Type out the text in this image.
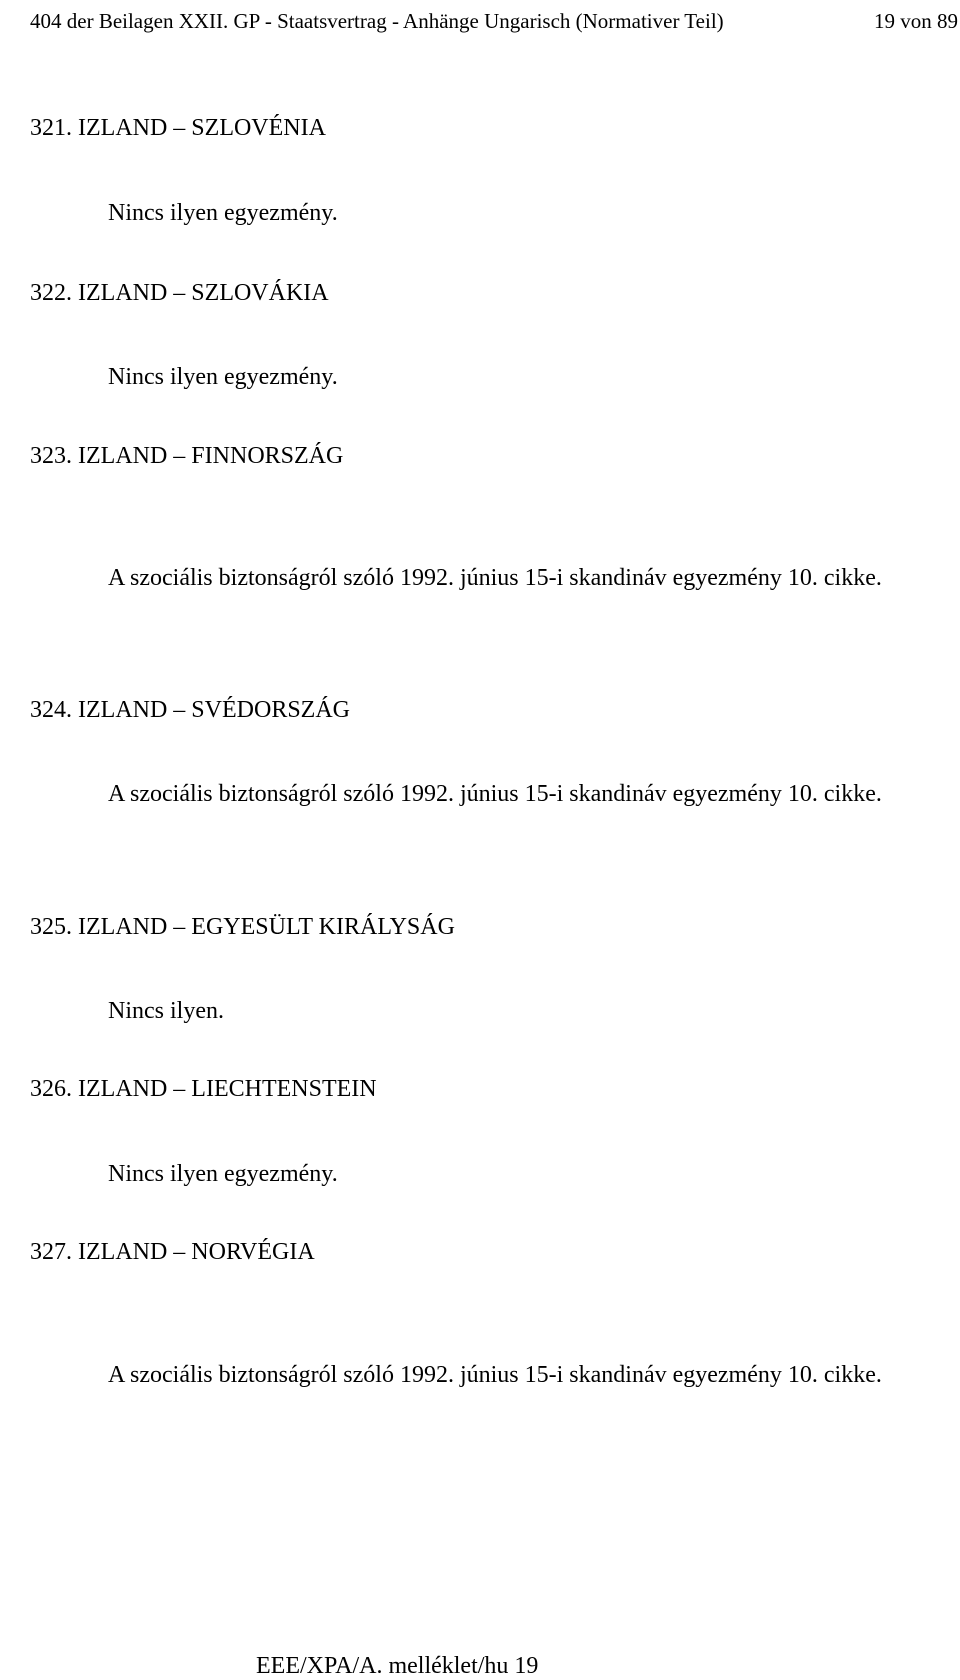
404 der Beilagen XXII. GP - Staatsvertrag - Anhänge Ungarisch (Normativer Teil)	19 von 89
321. IZLAND – SZLOVÉNIA
Nincs ilyen egyezmény.
322. IZLAND – SZLOVÁKIA
Nincs ilyen egyezmény.
323. IZLAND – FINNORSZÁG
A szociális biztonságról szóló 1992. június 15-i skandináv egyezmény 10. cikke.
324. IZLAND – SVÉDORSZÁG
A szociális biztonságról szóló 1992. június 15-i skandináv egyezmény 10. cikke.
325. IZLAND – EGYESÜLT KIRÁLYSÁG
Nincs ilyen.
326. IZLAND – LIECHTENSTEIN
Nincs ilyen egyezmény.
327. IZLAND – NORVÉGIA
A szociális biztonságról szóló 1992. június 15-i skandináv egyezmény 10. cikke.
EEE/XPA/A. melléklet/hu 19
